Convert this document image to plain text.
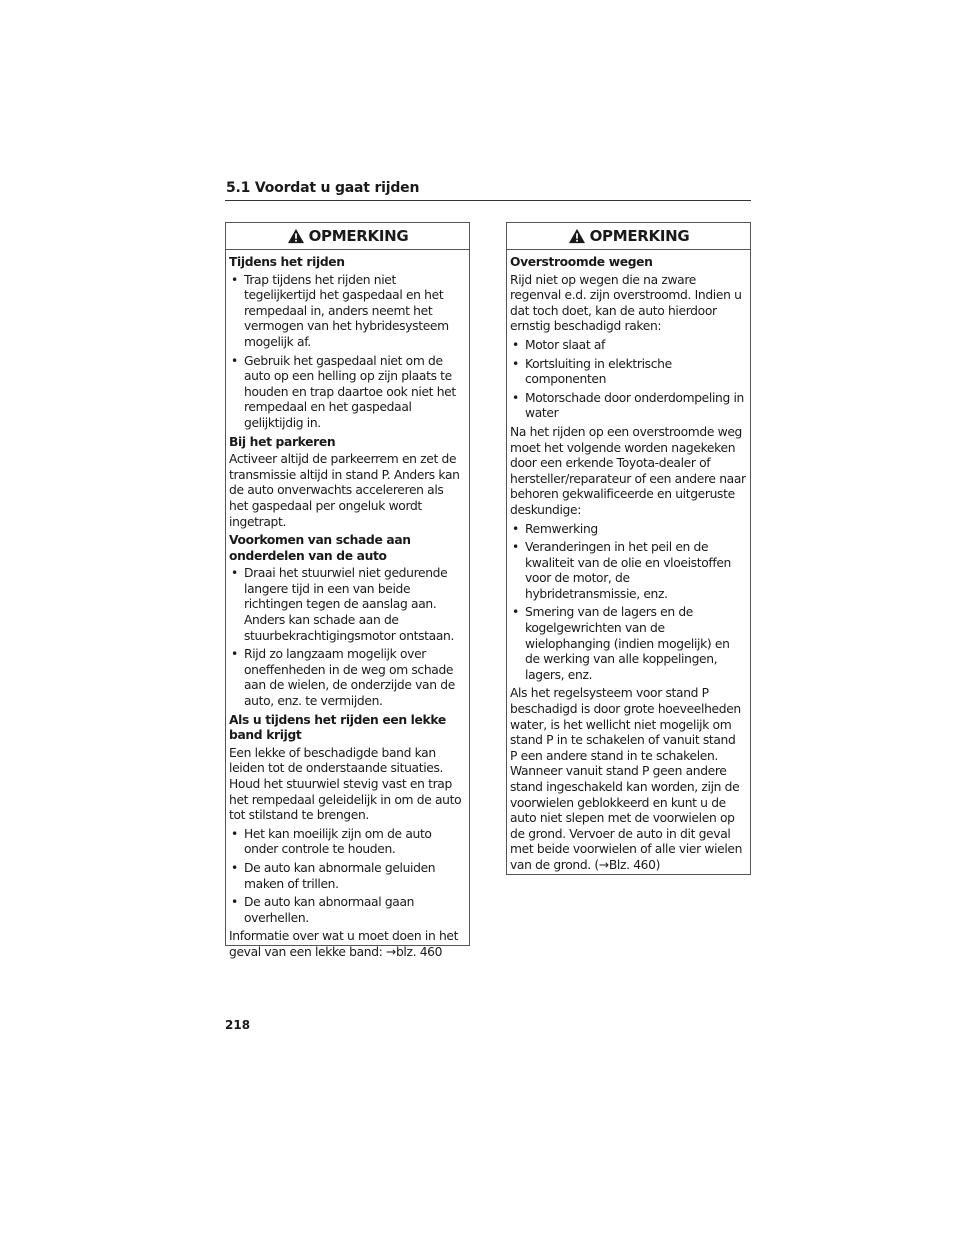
5.1 Voordat u gaat rijden
OPMERKING

Tijdens het rijden

• Trap tijdens het rijden niet tegelijkertijd het gaspedaal en het rempedaal in, anders neemt het vermogen van het hybridesysteem mogelijk af.
• Gebruik het gaspedaal niet om de auto op een helling op zijn plaats te houden en trap daartoe ook niet het rempedaal en het gaspedaal gelijktijdig in.

Bij het parkeren

Activeer altijd de parkeerrem en zet de transmissie altijd in stand P. Anders kan de auto onverwachts accelereren als het gaspedaal per ongeluk wordt ingetrapt.

Voorkomen van schade aan onderdelen van de auto

• Draai het stuurwiel niet gedurende langere tijd in een van beide richtingen tegen de aanslag aan. Anders kan schade aan de stuurbekrachtigingsmotor ontstaan.
• Rijd zo langzaam mogelijk over oneffenheden in de weg om schade aan de wielen, de onderzijde van de auto, enz. te vermijden.

Als u tijdens het rijden een lekke band krijgt

Een lekke of beschadigde band kan leiden tot de onderstaande situaties. Houd het stuurwiel stevig vast en trap het rempedaal geleidelijk in om de auto tot stilstand te brengen.

• Het kan moeilijk zijn om de auto onder controle te houden.
• De auto kan abnormale geluiden maken of trillen.
• De auto kan abnormaal gaan overhellen.

Informatie over wat u moet doen in het geval van een lekke band: →blz. 460

OPMERKING

Overstroomde wegen

Rijd niet op wegen die na zware regenval e.d. zijn overstroomd. Indien u dat toch doet, kan de auto hierdoor ernstig beschadigd raken:

• Motor slaat af
• Kortsluiting in elektrische componenten
• Motorschade door onderdompeling in water

Na het rijden op een overstroomde weg moet het volgende worden nagekeken door een erkende Toyota-dealer of hersteller/reparateur of een andere naar behoren gekwalificeerde en uitgeruste deskundige:

• Remwerking
• Veranderingen in het peil en de kwaliteit van de olie en vloeistoffen voor de motor, de hybridetransmissie, enz.
• Smering van de lagers en de kogelgewrichten van de wielophanging (indien mogelijk) en de werking van alle koppelingen, lagers, enz.

Als het regelsysteem voor stand P beschadigd is door grote hoeveelheden water, is het wellicht niet mogelijk om stand P in te schakelen of vanuit stand P een andere stand in te schakelen. Wanneer vanuit stand P geen andere stand ingeschakeld kan worden, zijn de voorwielen geblokkeerd en kunt u de auto niet slepen met de voorwielen op de grond. Vervoer de auto in dit geval met beide voorwielen of alle vier wielen van de grond. (→Blz. 460)

218
